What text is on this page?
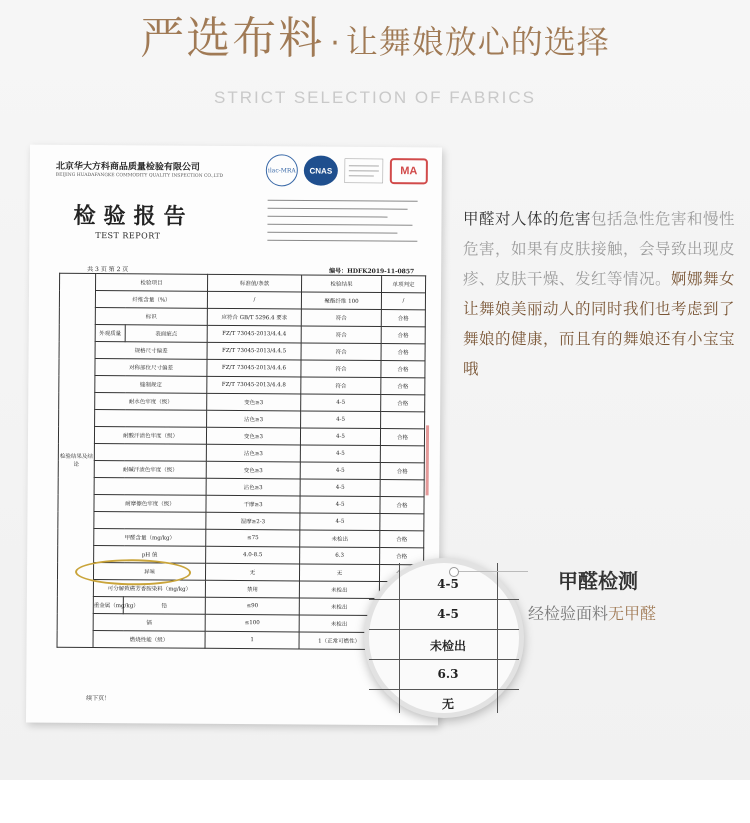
严选布料 · 让舞娘放心的选择
STRICT SELECTION OF FABRICS
北京华大方科商品质量检验有限公司
BEIJING HUADAFANGKE COMMODITY QUALITY INSPECTION CO.,LTD
ilac-MRA	CNAS	MA
检验报告
TEST REPORT
共 3 页 第 2 页	编号：HDFK2019-11-0857
检验结果及结论	检验项目		标准值/条款	检验结果	单项判定
	纤维含量（%）		/	聚酯纤维 100	/
	标识		应符合 GB/T 5296.4 要求	符合	合格
	外观质量	表面疵点	FZ/T 73045-2013/4.4.4	符合	合格
	规格尺寸偏差		FZ/T 73045-2013/4.4.5	符合	合格
	对称部位尺寸偏差		FZ/T 73045-2013/4.4.6	符合	合格
	缝制规定		FZ/T 73045-2013/4.4.8	符合	合格
	耐水色牢度（级）		变色≥3	4-5	合格
			沾色≥3	4-5	
	耐酸汗渍色牢度（级）		变色≥3	4-5	合格
			沾色≥3	4-5	
	耐碱汗渍色牢度（级）		变色≥3	4-5	合格
			沾色≥3	4-5	
	耐摩擦色牢度（级）		干摩≥3	4-5	合格
			湿摩≥2-3	4-5	
	甲醛含量（mg/kg）		≤75	未检出	合格
	pH 值		4.0-8.5	6.3	合格
	异味		无	无	
	可分解致癌芳香胺染料（mg/kg）		禁用	未检出	
	重金属（mg/kg）	铅	≤90	未检出	
	镉		≤100	未检出	
	燃烧性能（级）		1	1（正常可燃性）	
续下页！
甲醛对人体的危害包括急性危害和慢性危害，如果有皮肤接触，会导致出现皮疹、皮肤干燥、发红等情况。婀娜舞女让舞娘美丽动人的同时我们也考虑到了舞娘的健康，而且有的舞娘还有小宝宝哦
4-5
4-5
未检出
6.3
无
甲醛检测
经检验面料无甲醛
